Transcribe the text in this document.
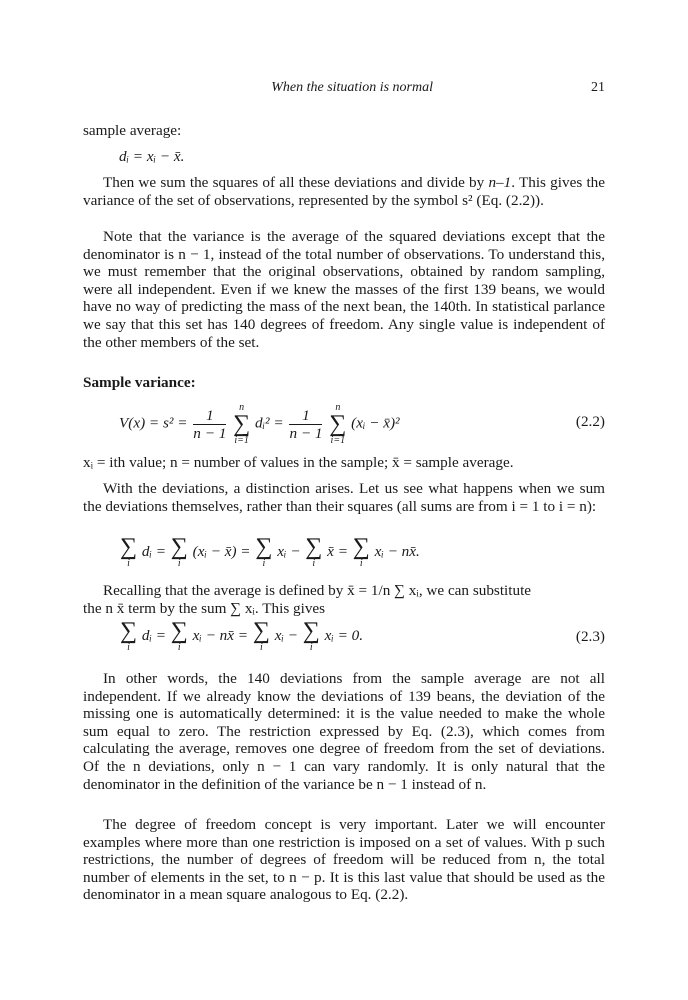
When the situation is normal	21

sample average:

dᵢ = xᵢ − x̄.

Then we sum the squares of all these deviations and divide by n–1. This gives the variance of the set of observations, represented by the symbol s² (Eq. (2.2)).

Note that the variance is the average of the squared deviations except that the denominator is n − 1, instead of the total number of observations. To understand this, we must remember that the original observations, obtained by random sampling, were all independent. Even if we knew the masses of the first 139 beans, we would have no way of predicting the mass of the next bean, the 140th. In statistical parlance we say that this set has 140 degrees of freedom. Any single value is independent of the other members of the set.

Sample variance:

$V(x) = s^2 = \frac{1}{n - 1}$
	n
∑
i=1
dᵢ² = $\frac{1}{n - 1}$
	n
∑
i=1
(xᵢ − x̄)²	(2.2)

xᵢ = ith value; n = number of values in the sample; x̄ = sample average.

With the deviations, a distinction arises. Let us see what happens when we sum the deviations themselves, rather than their squares (all sums are from i = 1 to i = n):

∑
i
dᵢ = ∑
i
(xᵢ − x̄) = ∑
i
xᵢ − ∑
i
x̄ = ∑
i
xᵢ − nx̄.

Recalling that the average is defined by x̄ = 1/n ∑ xᵢ, we can substitute
the n x̄ term by the sum ∑ xᵢ. This gives

∑
i
dᵢ = ∑
i
xᵢ − nx̄ = ∑
i
xᵢ − ∑
i
xᵢ = 0.	(2.3)

In other words, the 140 deviations from the sample average are not all independent. If we already know the deviations of 139 beans, the deviation of the missing one is automatically determined: it is the value needed to make the whole sum equal to zero. The restriction expressed by Eq. (2.3), which comes from calculating the average, removes one degree of freedom from the set of deviations. Of the n deviations, only n − 1 can vary randomly. It is only natural that the denominator in the definition of the variance be n − 1 instead of n.

The degree of freedom concept is very important. Later we will encounter examples where more than one restriction is imposed on a set of values. With p such restrictions, the number of degrees of freedom will be reduced from n, the total number of elements in the set, to n − p. It is this last value that should be used as the denominator in a mean square analogous to Eq. (2.2).
